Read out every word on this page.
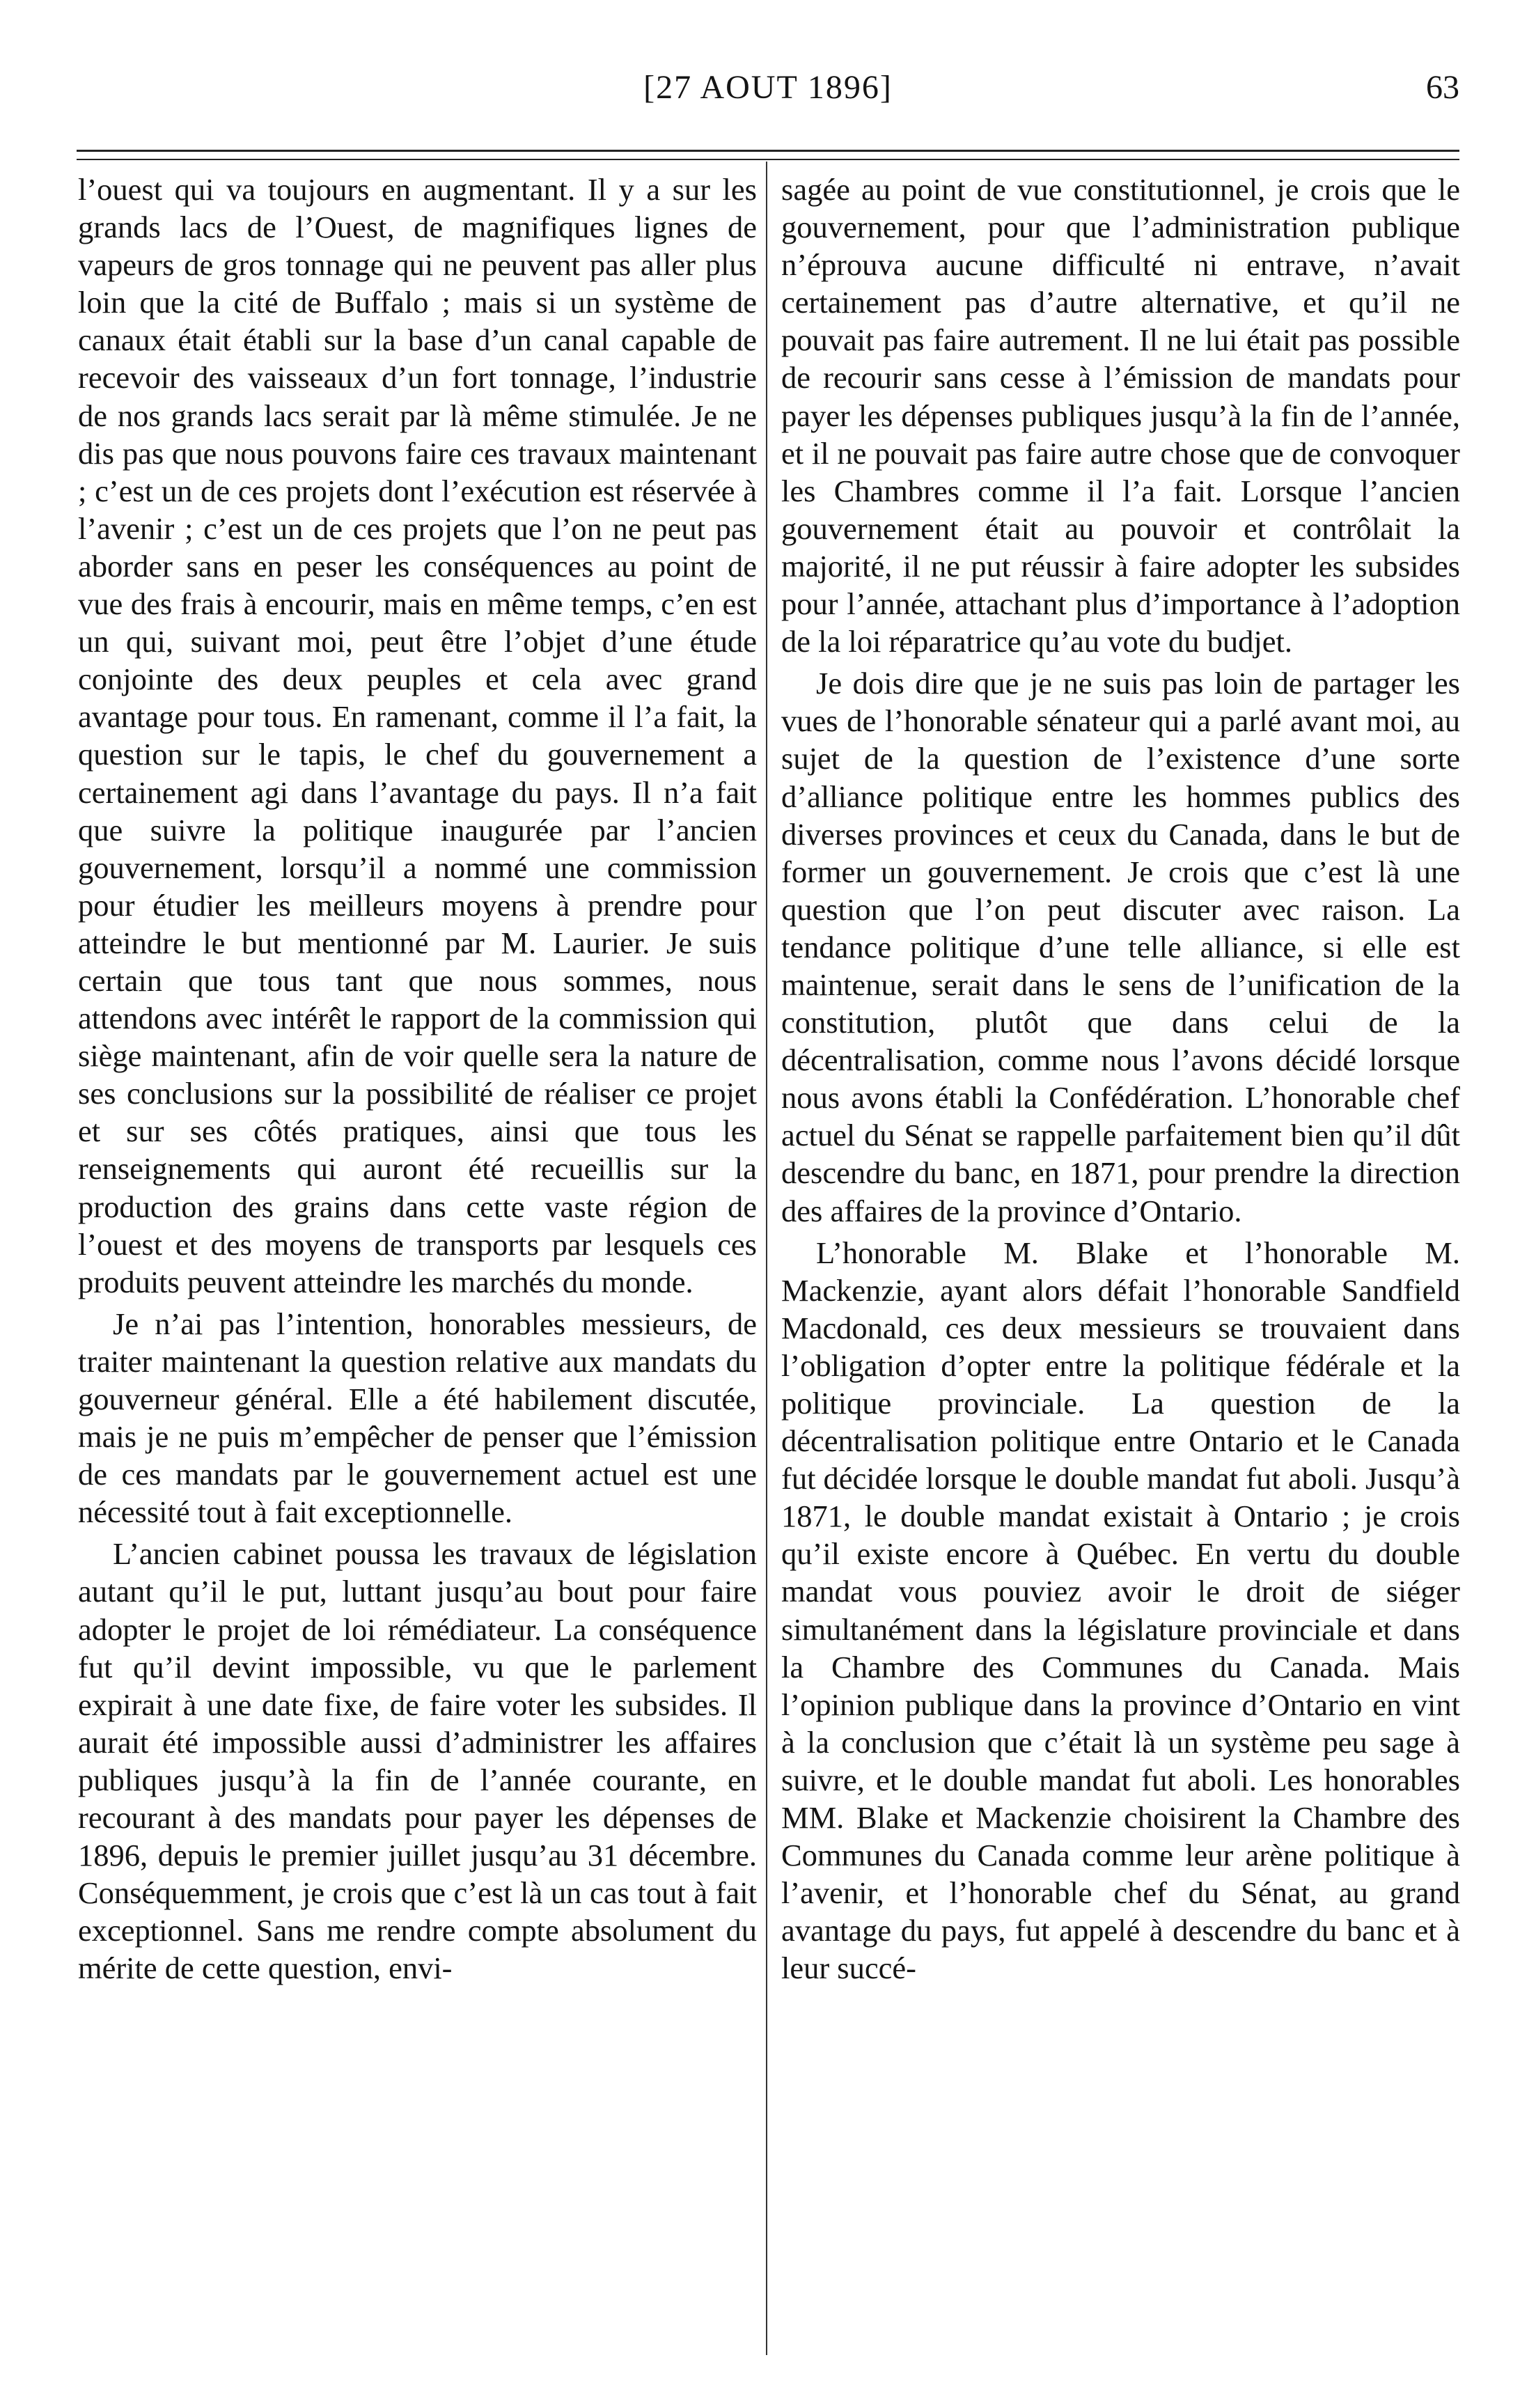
[27 AOUT 1896]	63

l’ouest qui va toujours en augmentant. Il y a sur les grands lacs de l’Ouest, de magnifiques lignes de vapeurs de gros tonnage qui ne peuvent pas aller plus loin que la cité de Buffalo ; mais si un système de canaux était établi sur la base d’un canal capable de recevoir des vaisseaux d’un fort tonnage, l’industrie de nos grands lacs serait par là même stimulée. Je ne dis pas que nous pouvons faire ces travaux maintenant ; c’est un de ces projets dont l’exécution est réservée à l’avenir ; c’est un de ces projets que l’on ne peut pas aborder sans en peser les conséquences au point de vue des frais à encourir, mais en même temps, c’en est un qui, suivant moi, peut être l’objet d’une étude conjointe des deux peuples et cela avec grand avantage pour tous. En ramenant, comme il l’a fait, la question sur le tapis, le chef du gouvernement a certainement agi dans l’avantage du pays. Il n’a fait que suivre la politique inaugurée par l’ancien gouvernement, lorsqu’il a nommé une commission pour étudier les meilleurs moyens à prendre pour atteindre le but mentionné par M. Laurier. Je suis certain que tous tant que nous sommes, nous attendons avec intérêt le rapport de la commission qui siège maintenant, afin de voir quelle sera la nature de ses conclusions sur la possibilité de réaliser ce projet et sur ses côtés pratiques, ainsi que tous les renseignements qui auront été recueillis sur la production des grains dans cette vaste région de l’ouest et des moyens de transports par lesquels ces produits peuvent atteindre les marchés du monde.

Je n’ai pas l’intention, honorables messieurs, de traiter maintenant la question relative aux mandats du gouverneur général. Elle a été habilement discutée, mais je ne puis m’empêcher de penser que l’émission de ces mandats par le gouvernement actuel est une nécessité tout à fait exceptionnelle.

L’ancien cabinet poussa les travaux de législation autant qu’il le put, luttant jusqu’au bout pour faire adopter le projet de loi rémédiateur. La conséquence fut qu’il devint impossible, vu que le parlement expirait à une date fixe, de faire voter les subsides. Il aurait été impossible aussi d’administrer les affaires publiques jusqu’à la fin de l’année courante, en recourant à des mandats pour payer les dépenses de 1896, depuis le premier juillet jusqu’au 31 décembre. Conséquemment, je crois que c’est là un cas tout à fait exceptionnel. Sans me rendre compte absolument du mérite de cette question, envi-

sagée au point de vue constitutionnel, je crois que le gouvernement, pour que l’administration publique n’éprouva aucune difficulté ni entrave, n’avait certainement pas d’autre alternative, et qu’il ne pouvait pas faire autrement. Il ne lui était pas possible de recourir sans cesse à l’émission de mandats pour payer les dépenses publiques jusqu’à la fin de l’année, et il ne pouvait pas faire autre chose que de convoquer les Chambres comme il l’a fait. Lorsque l’ancien gouvernement était au pouvoir et contrôlait la majorité, il ne put réussir à faire adopter les subsides pour l’année, attachant plus d’importance à l’adoption de la loi réparatrice qu’au vote du budjet.

Je dois dire que je ne suis pas loin de partager les vues de l’honorable sénateur qui a parlé avant moi, au sujet de la question de l’existence d’une sorte d’alliance politique entre les hommes publics des diverses provinces et ceux du Canada, dans le but de former un gouvernement. Je crois que c’est là une question que l’on peut discuter avec raison. La tendance politique d’une telle alliance, si elle est maintenue, serait dans le sens de l’unification de la constitution, plutôt que dans celui de la décentralisation, comme nous l’avons décidé lorsque nous avons établi la Confédération. L’honorable chef actuel du Sénat se rappelle parfaitement bien qu’il dût descendre du banc, en 1871, pour prendre la direction des affaires de la province d’Ontario.

L’honorable M. Blake et l’honorable M. Mackenzie, ayant alors défait l’honorable Sandfield Macdonald, ces deux messieurs se trouvaient dans l’obligation d’opter entre la politique fédérale et la politique provinciale. La question de la décentralisation politique entre Ontario et le Canada fut décidée lorsque le double mandat fut aboli. Jusqu’à 1871, le double mandat existait à Ontario ; je crois qu’il existe encore à Québec. En vertu du double mandat vous pouviez avoir le droit de siéger simultanément dans la législature provinciale et dans la Chambre des Communes du Canada. Mais l’opinion publique dans la province d’Ontario en vint à la conclusion que c’était là un système peu sage à suivre, et le double mandat fut aboli. Les honorables MM. Blake et Mackenzie choisirent la Chambre des Communes du Canada comme leur arène politique à l’avenir, et l’honorable chef du Sénat, au grand avantage du pays, fut appelé à descendre du banc et à leur succé-
